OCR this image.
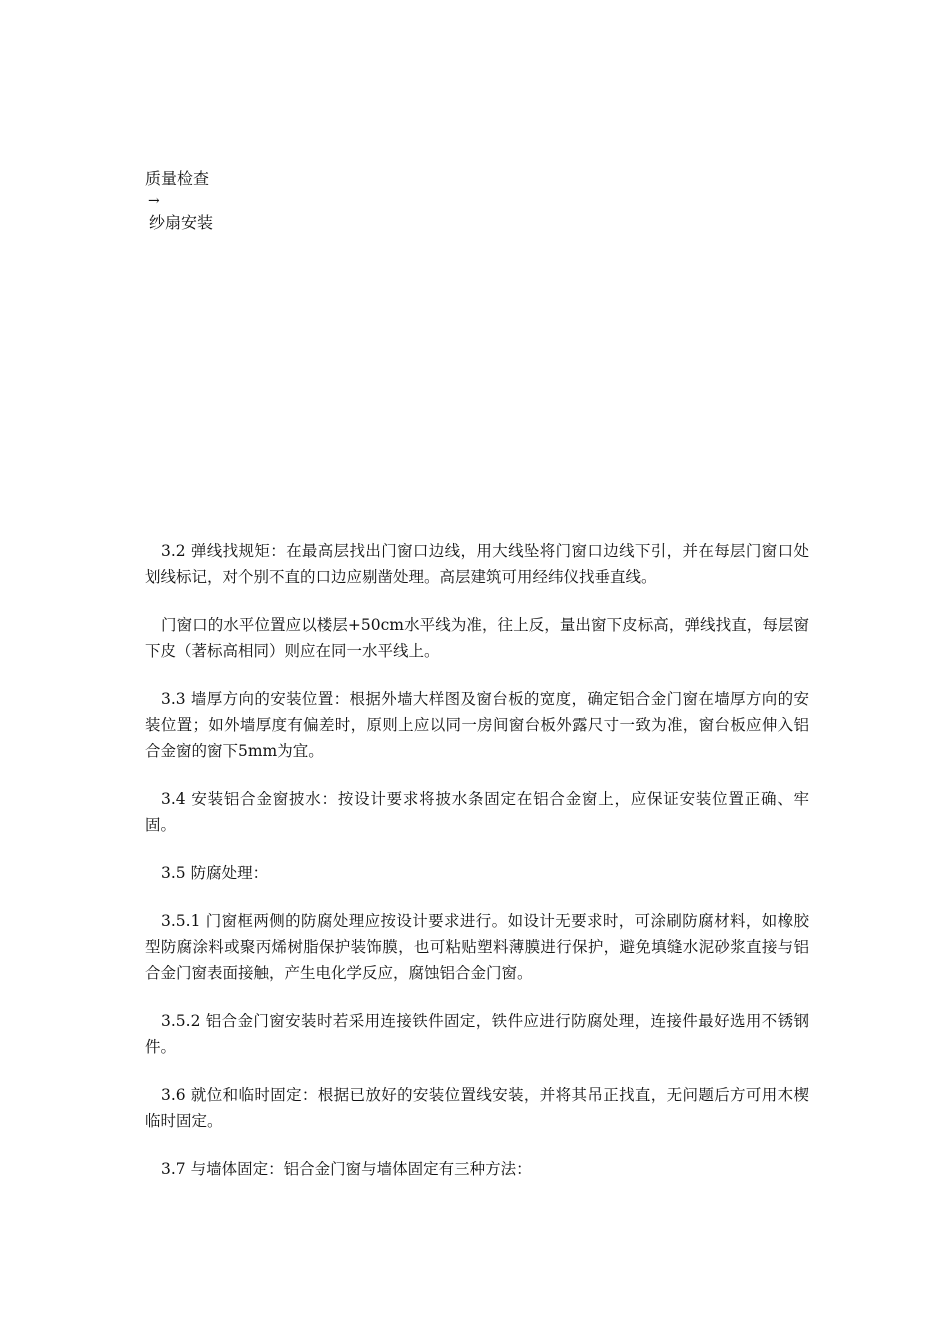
质量检查
→
纱扇安装

3.2 弹线找规矩：在最高层找出门窗口边线，用大线坠将门窗口边线下引，并在每层门窗口处划线标记，对个别不直的口边应剔凿处理。高层建筑可用经纬仪找垂直线。

门窗口的水平位置应以楼层+50cm水平线为准，往上反，量出窗下皮标高，弹线找直，每层窗下皮（著标高相同）则应在同一水平线上。

3.3 墙厚方向的安装位置：根据外墙大样图及窗台板的宽度，确定铝合金门窗在墙厚方向的安装位置；如外墙厚度有偏差时，原则上应以同一房间窗台板外露尺寸一致为准，窗台板应伸入铝合金窗的窗下5mm为宜。

3.4 安装铝合金窗披水：按设计要求将披水条固定在铝合金窗上，应保证安装位置正确、牢固。

3.5 防腐处理：

3.5.1 门窗框两侧的防腐处理应按设计要求进行。如设计无要求时，可涂刷防腐材料，如橡胶型防腐涂料或聚丙烯树脂保护装饰膜，也可粘贴塑料薄膜进行保护，避免填缝水泥砂浆直接与铝合金门窗表面接触，产生电化学反应，腐蚀铝合金门窗。

3.5.2 铝合金门窗安装时若采用连接铁件固定，铁件应进行防腐处理，连接件最好选用不锈钢件。

3.6 就位和临时固定：根据已放好的安装位置线安装，并将其吊正找直，无问题后方可用木楔临时固定。

3.7 与墙体固定：铝合金门窗与墙体固定有三种方法：
